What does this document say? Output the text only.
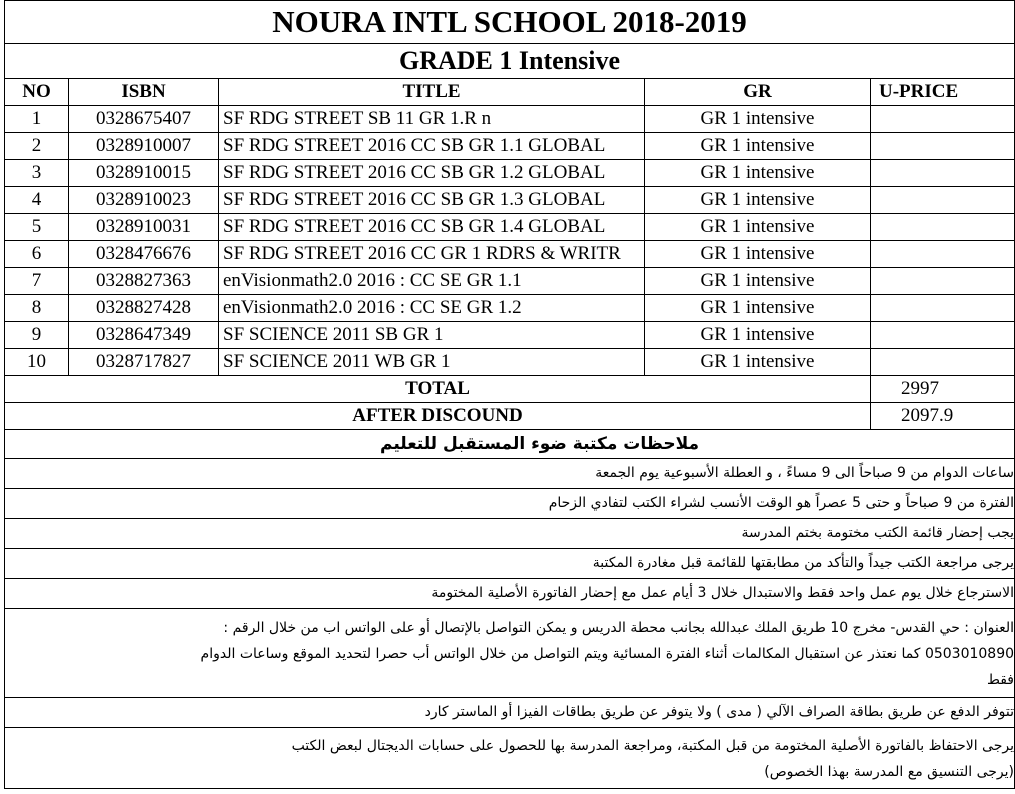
NOURA INTL SCHOOL 2018-2019				
GRADE 1 Intensive				
NO	ISBN	TITLE	GR	U-PRICE
1	0328675407	SF RDG STREET SB 11 GR 1.R n	GR 1 intensive	
2	0328910007	SF RDG STREET 2016 CC SB GR 1.1 GLOBAL	GR 1 intensive	
3	0328910015	SF RDG STREET 2016 CC SB GR 1.2 GLOBAL	GR 1 intensive	
4	0328910023	SF RDG STREET 2016 CC SB GR 1.3 GLOBAL	GR 1 intensive	
5	0328910031	SF RDG STREET 2016 CC SB GR 1.4 GLOBAL	GR 1 intensive	
6	0328476676	SF RDG STREET 2016 CC GR 1 RDRS & WRITR	GR 1 intensive	
7	0328827363	enVisionmath2.0 2016 : CC SE GR 1.1	GR 1 intensive	
8	0328827428	enVisionmath2.0 2016 : CC SE GR 1.2	GR 1 intensive	
9	0328647349	SF SCIENCE 2011 SB GR 1	GR 1 intensive	
10	0328717827	SF SCIENCE 2011 WB GR 1	GR 1 intensive	
TOTAL				2997
AFTER DISCOUND				2097.9
ملاحظات مكتبة ضوء المستقبل للتعليم				

ساعات الدوام من 9 صباحاً الى 9 مساءً ، و العطلة الأسبوعية يوم الجمعة				

الفترة من 9 صباحاً و حتى 5 عصراً هو الوقت الأنسب لشراء الكتب لتفادي الزحام				

يجب إحضار قائمة الكتب مختومة بختم المدرسة				

يرجى مراجعة الكتب جيداً والتأكد من مطابقتها للقائمة قبل مغادرة المكتبة				

الاسترجاع خلال يوم عمل واحد فقط والاستبدال خلال 3 أيام عمل مع إحضار الفاتورة الأصلية المختومة				

العنوان : حي القدس- مخرج 10 طريق الملك عبدالله بجانب محطة الدريس و يمكن التواصل بالإتصال أو على الواتس اب من خلال الرقم :
0503010890 كما نعتذر عن استقبال المكالمات أثناء الفترة المسائية ويتم التواصل من خلال الواتس أب حصرا لتحديد الموقع وساعات الدوام
فقط				

تتوفر الدفع عن طريق بطاقة الصراف الآلي ( مدى ) ولا يتوفر عن طريق بطاقات الفيزا أو الماستر كارد				

يرجى الاحتفاظ بالفاتورة الأصلية المختومة من قبل المكتبة، ومراجعة المدرسة بها للحصول على حسابات الديجتال لبعض الكتب
(يرجى التنسيق مع المدرسة بهذا الخصوص)				
